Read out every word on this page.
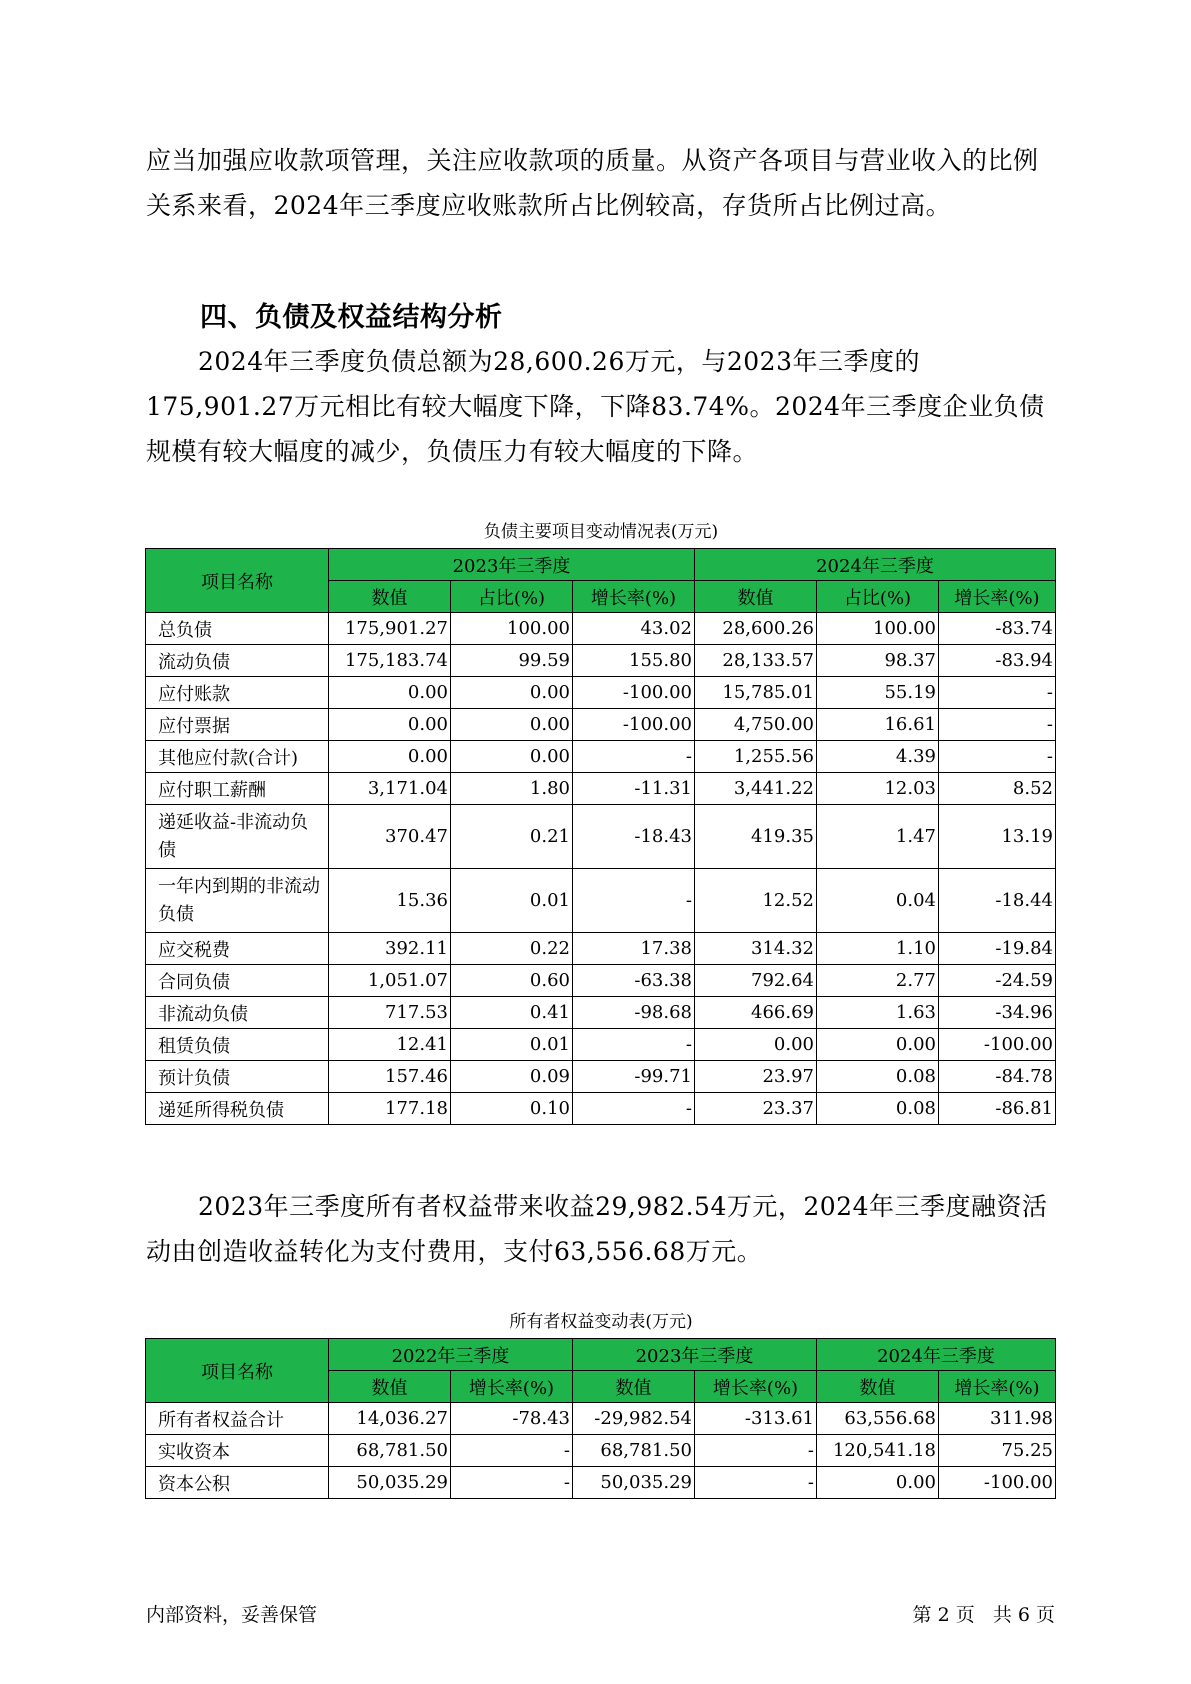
应当加强应收款项管理，关注应收款项的质量。从资产各项目与营业收入的比例关系来看，2024年三季度应收账款所占比例较高，存货所占比例过高。
四、负债及权益结构分析
2024年三季度负债总额为28,600.26万元，与2023年三季度的175,901.27万元相比有较大幅度下降，下降83.74%。2024年三季度企业负债规模有较大幅度的减少，负债压力有较大幅度的下降。
负债主要项目变动情况表(万元)
项目名称	2023年三季度			2024年三季度		
	数值	占比(%)	增长率(%)	数值	占比(%)	增长率(%)
总负债	175,901.27	100.00	43.02	28,600.26	100.00	-83.74
流动负债	175,183.74	99.59	155.80	28,133.57	98.37	-83.94
应付账款	0.00	0.00	-100.00	15,785.01	55.19	-
应付票据	0.00	0.00	-100.00	4,750.00	16.61	-
其他应付款(合计)	0.00	0.00	-	1,255.56	4.39	-
应付职工薪酬	3,171.04	1.80	-11.31	3,441.22	12.03	8.52
递延收益-非流动负债	370.47	0.21	-18.43	419.35	1.47	13.19
一年内到期的非流动负债	15.36	0.01	-	12.52	0.04	-18.44
应交税费	392.11	0.22	17.38	314.32	1.10	-19.84
合同负债	1,051.07	0.60	-63.38	792.64	2.77	-24.59
非流动负债	717.53	0.41	-98.68	466.69	1.63	-34.96
租赁负债	12.41	0.01	-	0.00	0.00	-100.00
预计负债	157.46	0.09	-99.71	23.97	0.08	-84.78
递延所得税负债	177.18	0.10	-	23.37	0.08	-86.81
2023年三季度所有者权益带来收益29,982.54万元，2024年三季度融资活动由创造收益转化为支付费用，支付63,556.68万元。
所有者权益变动表(万元)
项目名称	2022年三季度		2023年三季度		2024年三季度	
	数值	增长率(%)	数值	增长率(%)	数值	增长率(%)
所有者权益合计	14,036.27	-78.43	-29,982.54	-313.61	63,556.68	311.98
实收资本	68,781.50	-	68,781.50	-	120,541.18	75.25
资本公积	50,035.29	-	50,035.29	-	0.00	-100.00
内部资料，妥善保管	第 2 页   共 6 页
